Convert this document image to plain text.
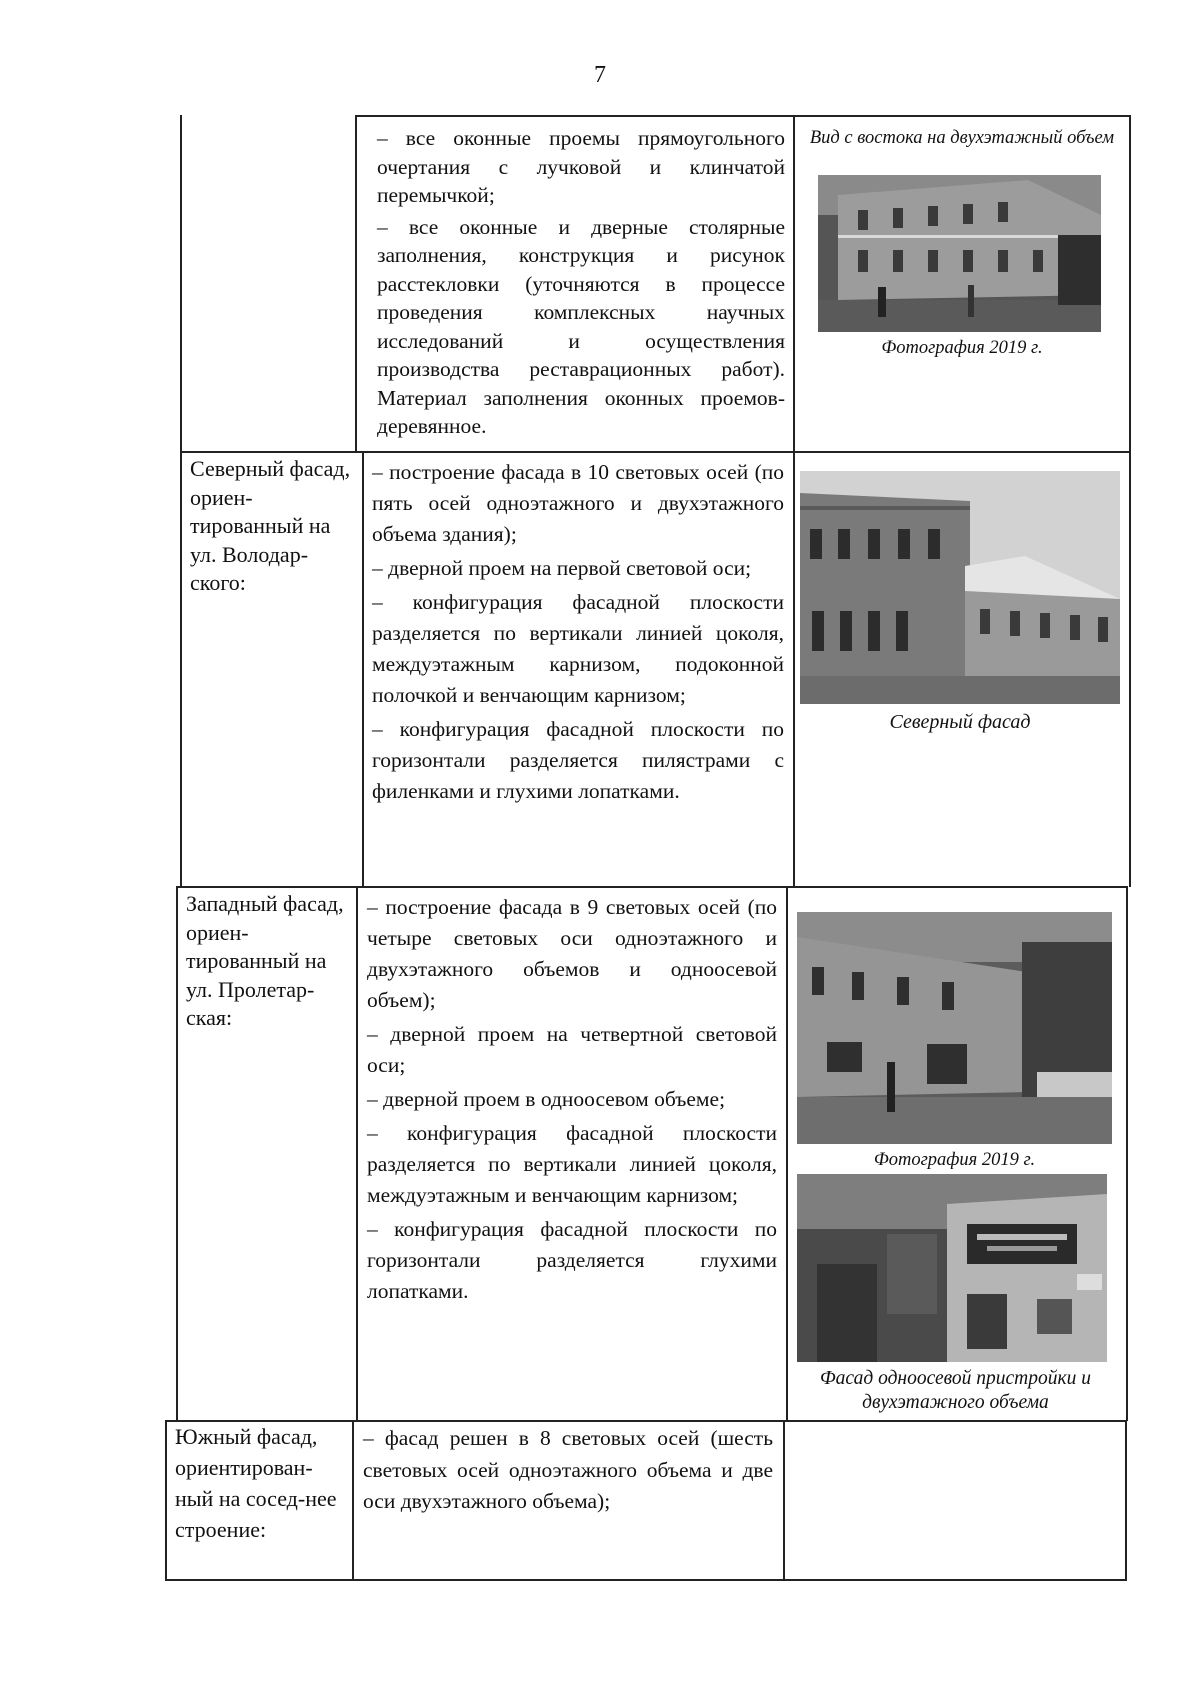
7

– все оконные проемы прямоугольного очертания с лучковой и клинчатой перемычкой;

– все оконные и дверные столярные заполнения, конструкция и рисунок расстекловки (уточняются в процессе проведения комплексных научных исследований и осуществления производства реставрационных работ). Материал заполнения оконных проемов- деревянное.

Вид с востока на двухэтажный объем
Фотография 2019 г.
Северный фасад, ориен-тированный на ул. Володар-ского:

– построение фасада в 10 световых осей (по пять осей одноэтажного и двухэтажного объема здания);

– дверной проем на первой световой оси;

– конфигурация фасадной плоскости разделяется по вертикали линией цоколя, междуэтажным карнизом, подоконной полочкой и венчающим карнизом;

– конфигурация фасадной плоскости по горизонтали разделяется пилястрами с филенками и глухими лопатками.

Северный фасад
Западный фасад, ориен-тированный на ул. Пролетар-ская:

– построение фасада в 9 световых осей (по четыре световых оси одноэтажного и двухэтажного объемов и одноосевой объем);

– дверной проем на четвертной световой оси;

– дверной проем в одноосевом объеме;

– конфигурация фасадной плоскости разделяется по вертикали линией цоколя, междуэтажным и венчающим карнизом;

– конфигурация фасадной плоскости по горизонтали разделяется глухими лопатками.

Фотография 2019 г.
Фасад одноосевой пристройки и двухэтажного объема
Южный фасад, ориентирован-ный на сосед-нее строение:

– фасад решен в 8 световых осей (шесть световых осей одноэтажного объема и две оси двухэтажного объема);
